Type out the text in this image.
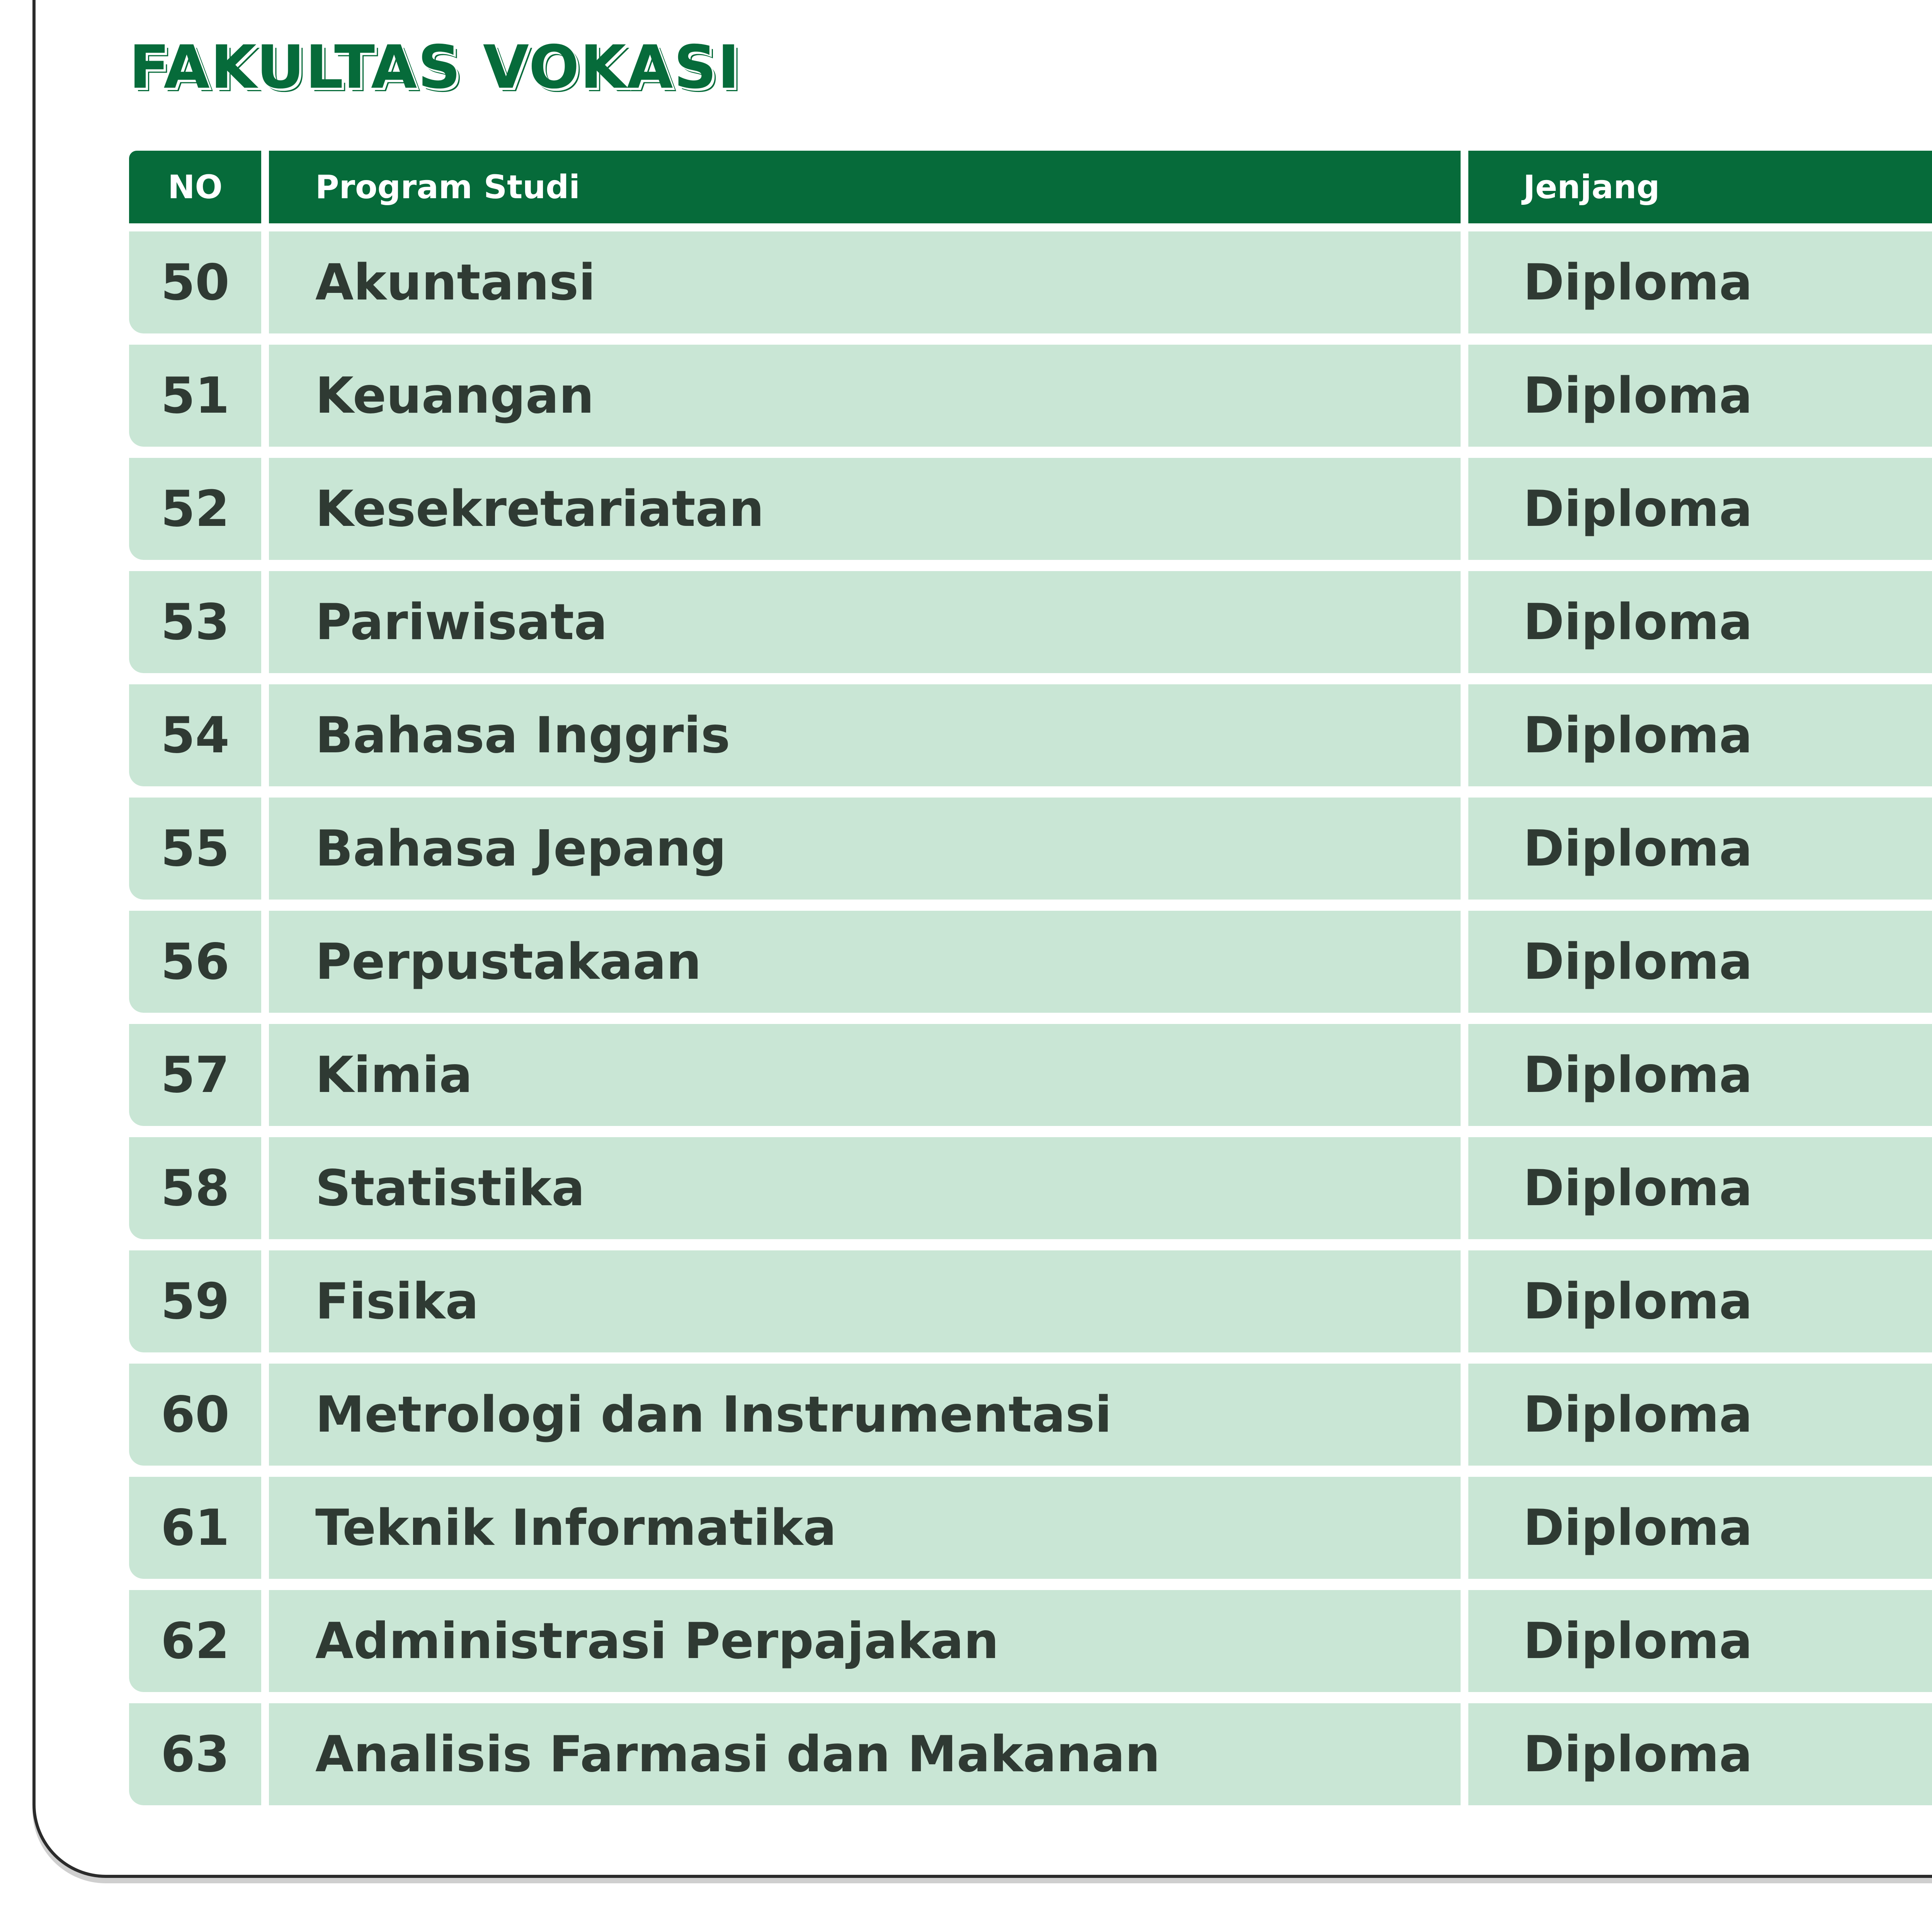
FAKULTAS VOKASI
NO	Program Studi	Jenjang
50	Akuntansi	Diploma
51	Keuangan	Diploma
52	Kesekretariatan	Diploma
53	Pariwisata	Diploma
54	Bahasa Inggris	Diploma
55	Bahasa Jepang	Diploma
56	Perpustakaan	Diploma
57	Kimia	Diploma
58	Statistika	Diploma
59	Fisika	Diploma
60	Metrologi dan Instrumentasi	Diploma
61	Teknik Informatika	Diploma
62	Administrasi Perpajakan	Diploma
63	Analisis Farmasi dan Makanan	Diploma
